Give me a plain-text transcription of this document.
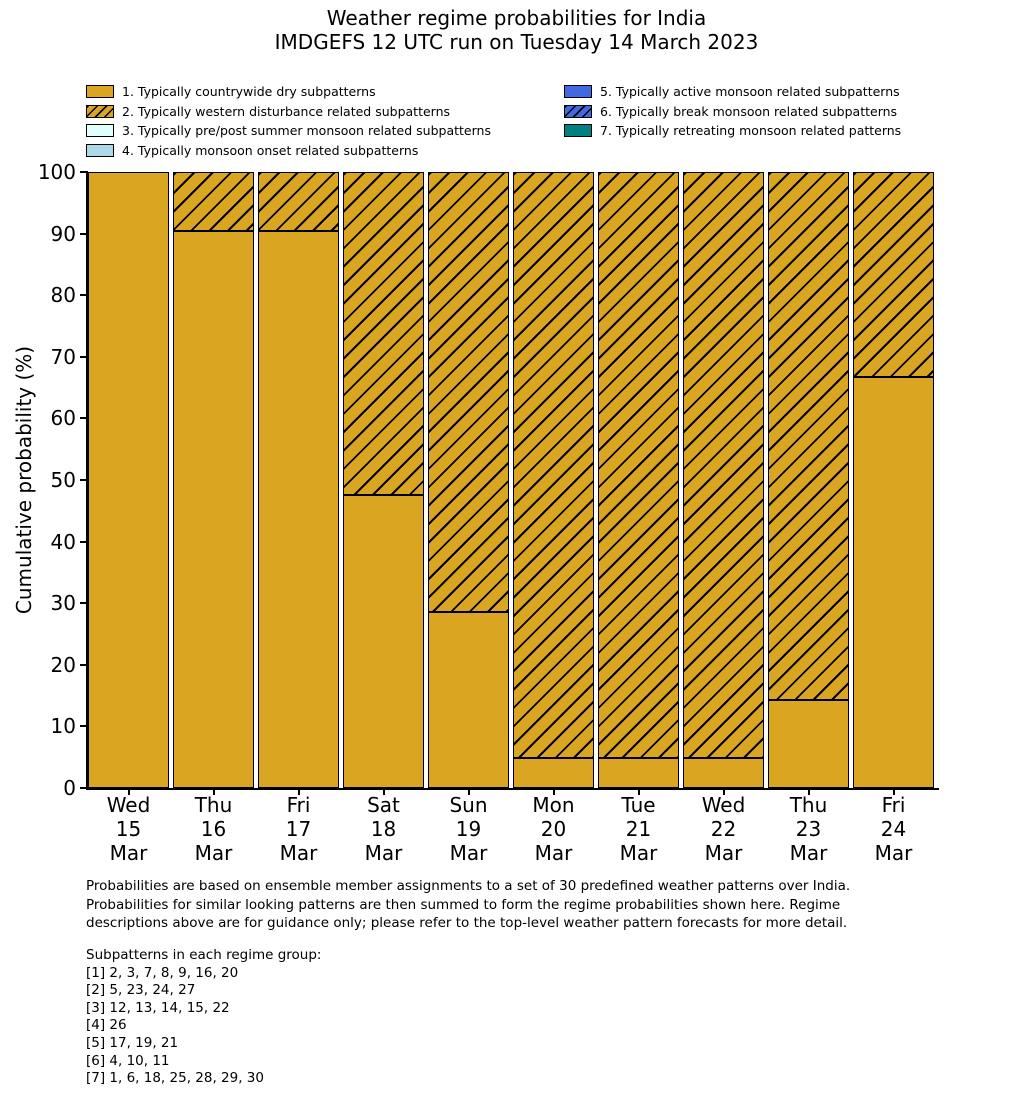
Weather regime probabilities for India
IMDGEFS 12 UTC run on Tuesday 14 March 2023
1. Typically countrywide dry subpatterns
2. Typically western disturbance related subpatterns
3. Typically pre/post summer monsoon related subpatterns
4. Typically monsoon onset related subpatterns
5. Typically active monsoon related subpatterns
6. Typically break monsoon related subpatterns
7. Typically retreating monsoon related patterns
Cumulative probability (%)
0
10
20
30
40
50
60
70
80
90
100
Wed
15
Mar
Thu
16
Mar
Fri
17
Mar
Sat
18
Mar
Sun
19
Mar
Mon
20
Mar
Tue
21
Mar
Wed
22
Mar
Thu
23
Mar
Fri
24
Mar
Probabilities are based on ensemble member assignments to a set of 30 predefined weather patterns over India.
Probabilities for similar looking patterns are then summed to form the regime probabilities shown here. Regime
descriptions above are for guidance only; please refer to the top-level weather pattern forecasts for more detail.
Subpatterns in each regime group:
[1] 2, 3, 7, 8, 9, 16, 20
[2] 5, 23, 24, 27
[3] 12, 13, 14, 15, 22
[4] 26
[5] 17, 19, 21
[6] 4, 10, 11
[7] 1, 6, 18, 25, 28, 29, 30
